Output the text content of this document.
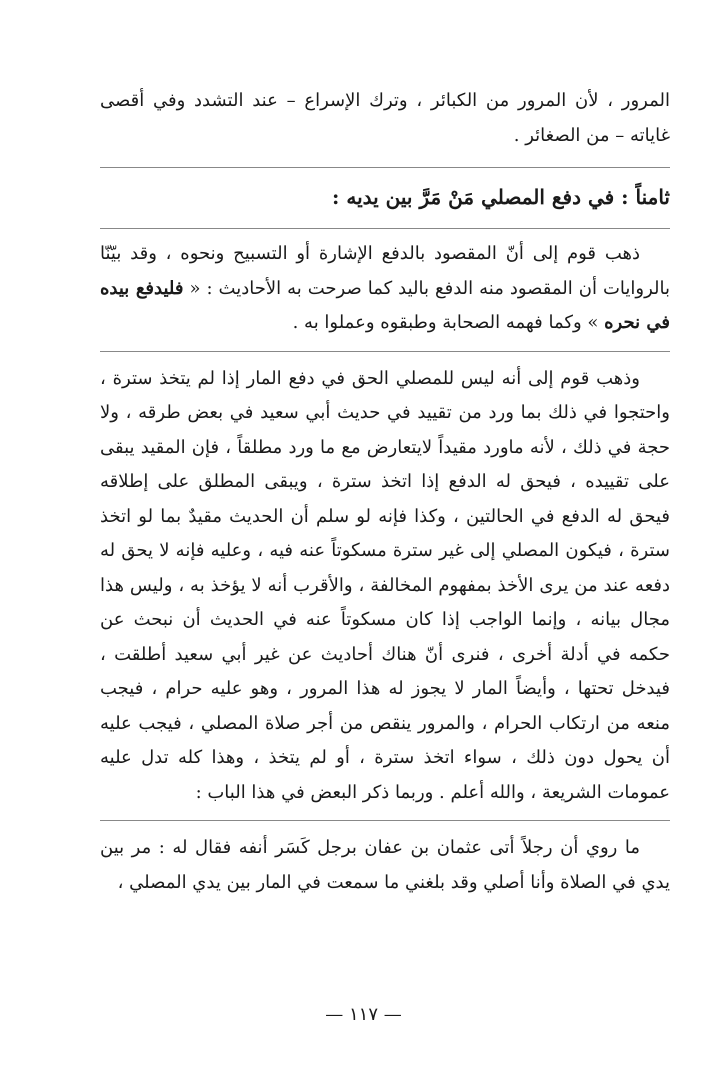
المرور ، لأن المرور من الكبائر ، وترك الإسراع – عند التشدد وفي أقصى غاياته – من الصغائر .

ثامناً : في دفع المصلي مَنْ مَرَّ بين يديه :

ذهب قوم إلى أنّ المقصود بالدفع الإشارة أو التسبيح ونحوه ، وقد بيّنّا بالروايات أن المقصود منه الدفع باليد كما صرحت به الأحاديث : « فليدفع بيده في نحره » وكما فهمه الصحابة وطبقوه وعملوا به .

وذهب قوم إلى أنه ليس للمصلي الحق في دفع المار إذا لم يتخذ سترة ، واحتجوا في ذلك بما ورد من تقييد في حديث أبي سعيد في بعض طرقه ، ولا حجة في ذلك ، لأنه ماورد مقيداً لايتعارض مع ما ورد مطلقاً ، فإن المقيد يبقى على تقييده ، فيحق له الدفع إذا اتخذ سترة ، ويبقى المطلق على إطلاقه فيحق له الدفع في الحالتين ، وكذا فإنه لو سلم أن الحديث مقيدٌ بما لو اتخذ سترة ، فيكون المصلي إلى غير سترة مسكوتاً عنه فيه ، وعليه فإنه لا يحق له دفعه عند من يرى الأخذ بمفهوم المخالفة ، والأقرب أنه لا يؤخذ به ، وليس هذا مجال بيانه ، وإنما الواجب إذا كان مسكوتاً عنه في الحديث أن نبحث عن حكمه في أدلة أخرى ، فنرى أنّ هناك أحاديث عن غير أبي سعيد أطلقت ، فيدخل تحتها ، وأيضاً المار لا يجوز له هذا المرور ، وهو عليه حرام ، فيجب منعه من ارتكاب الحرام ، والمرور ينقص من أجر صلاة المصلي ، فيجب عليه أن يحول دون ذلك ، سواء اتخذ سترة ، أو لم يتخذ ، وهذا كله تدل عليه عمومات الشريعة ، والله أعلم . وربما ذكر البعض في هذا الباب :

ما روي أن رجلاً أتى عثمان بن عفان برجل كَسَر أنفه فقال له : مر بين يدي في الصلاة وأنا أصلي وقد بلغني ما سمعت في المار بين يدي المصلي ،

— ١١٧ —
